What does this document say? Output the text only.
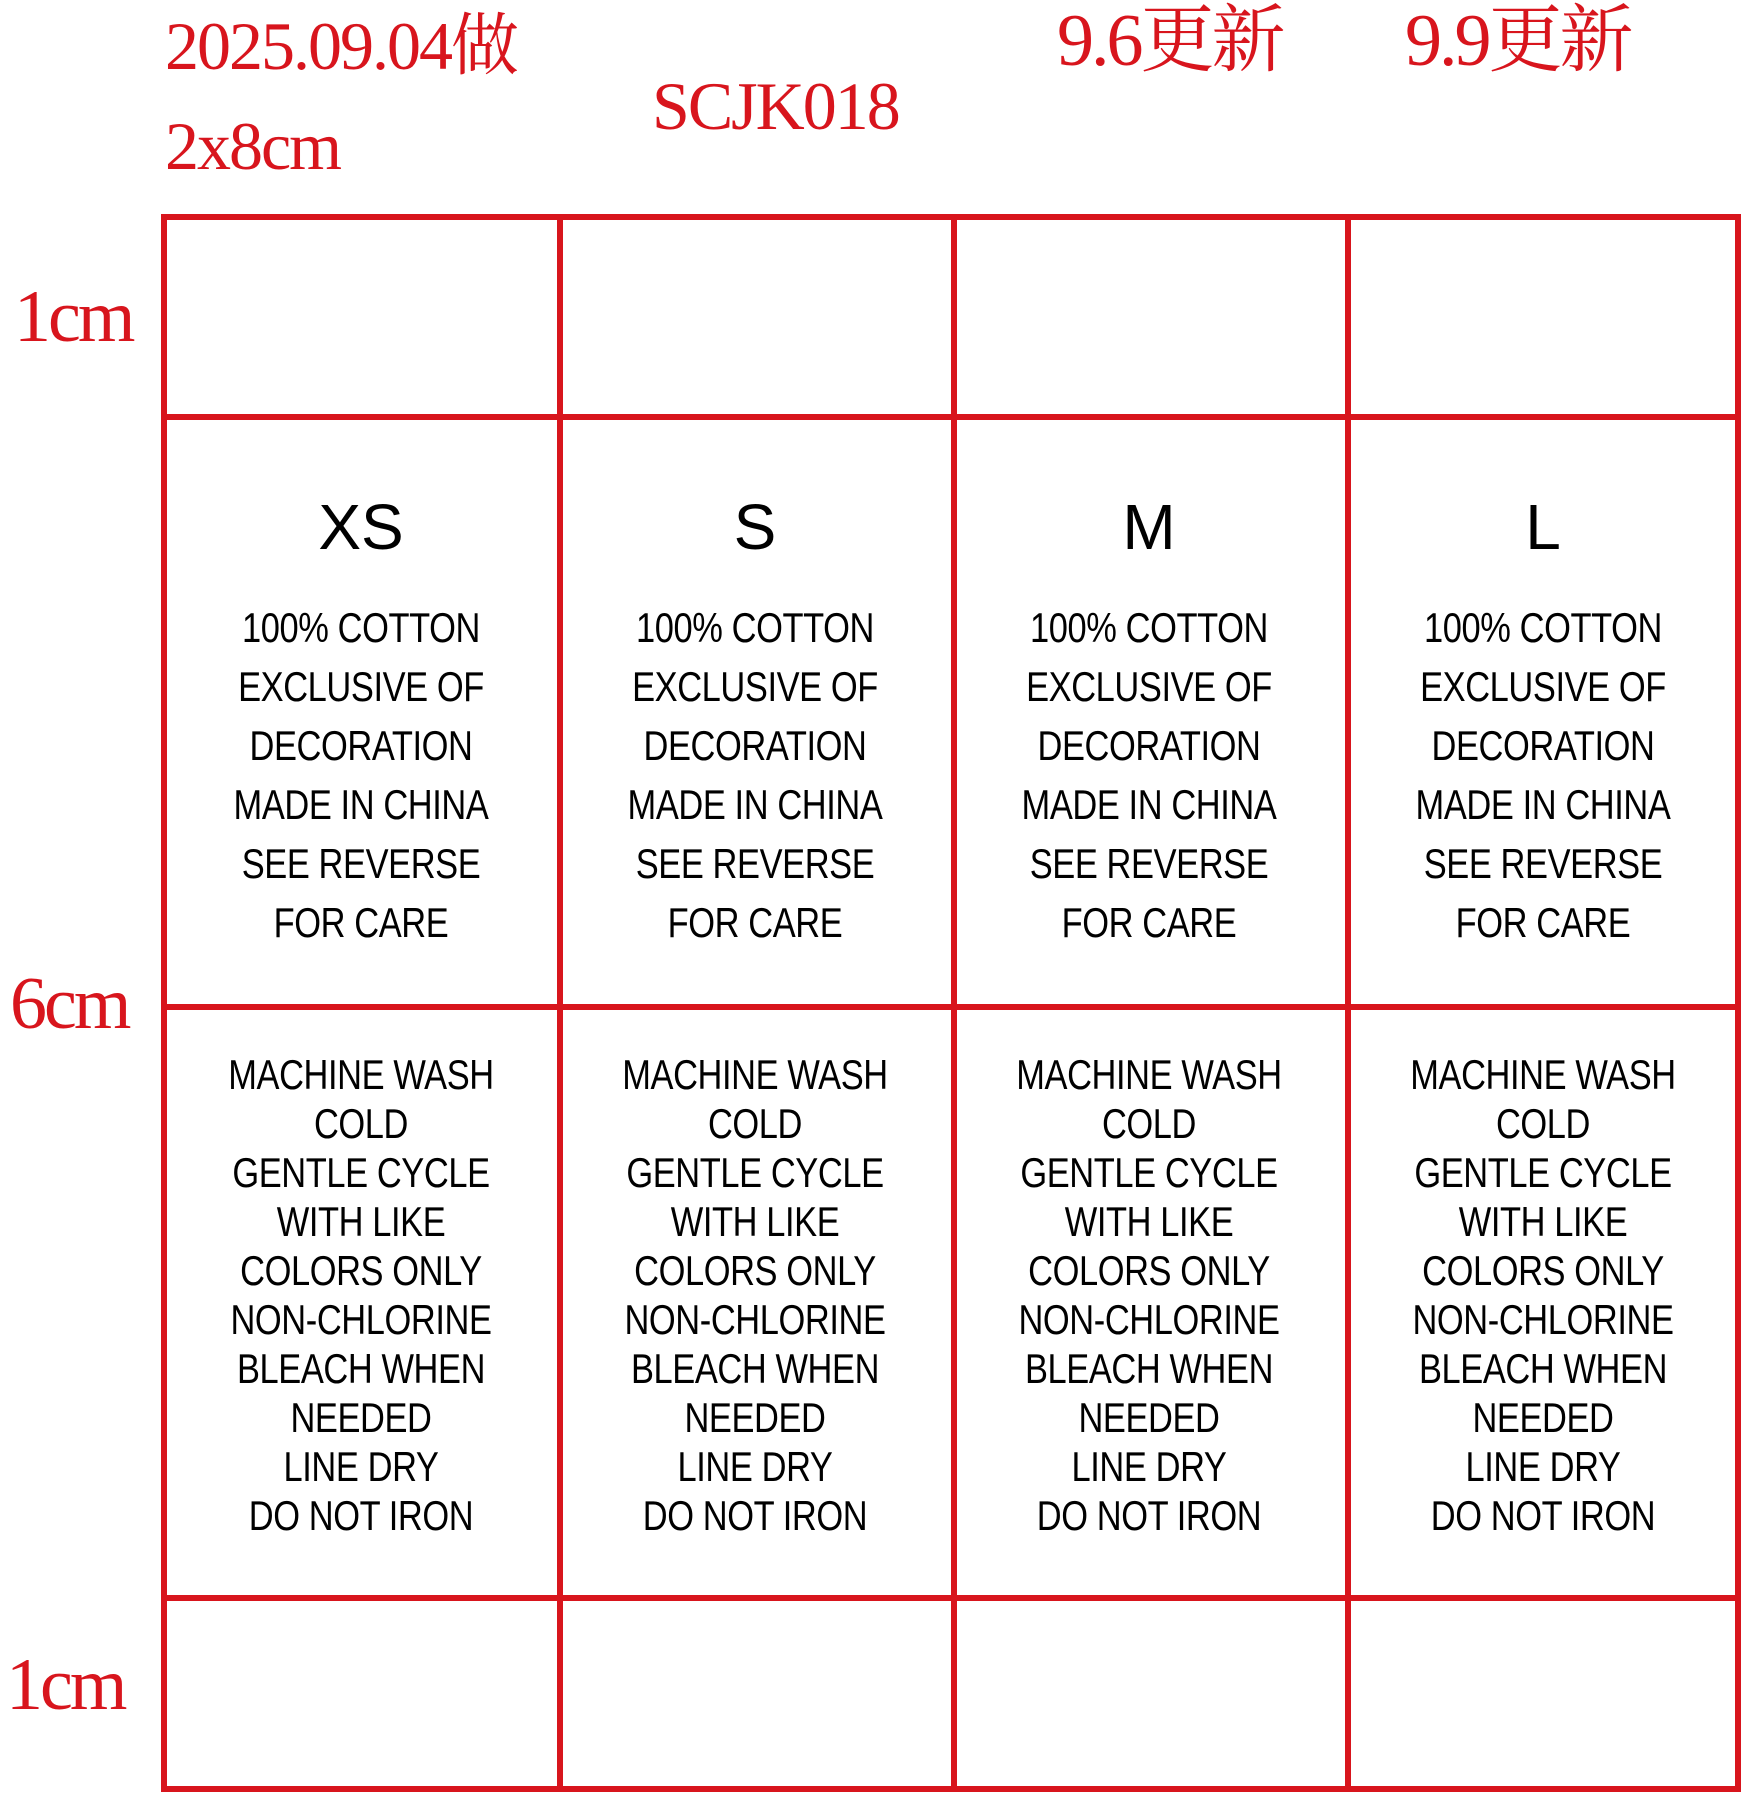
2025.09.04做
2x8cm
SCJK018
9.6更新 9.9更新
1cm
6cm
1cm
XS
100% COTTON
EXCLUSIVE OF
DECORATION
MADE IN CHINA
SEE REVERSE
FOR CARE
MACHINE WASH
COLD
GENTLE CYCLE
WITH LIKE
COLORS ONLY
NON-CHLORINE
BLEACH WHEN
NEEDED
LINE DRY
DO NOT IRON
S
100% COTTON
EXCLUSIVE OF
DECORATION
MADE IN CHINA
SEE REVERSE
FOR CARE
MACHINE WASH
COLD
GENTLE CYCLE
WITH LIKE
COLORS ONLY
NON-CHLORINE
BLEACH WHEN
NEEDED
LINE DRY
DO NOT IRON
M
100% COTTON
EXCLUSIVE OF
DECORATION
MADE IN CHINA
SEE REVERSE
FOR CARE
MACHINE WASH
COLD
GENTLE CYCLE
WITH LIKE
COLORS ONLY
NON-CHLORINE
BLEACH WHEN
NEEDED
LINE DRY
DO NOT IRON
L
100% COTTON
EXCLUSIVE OF
DECORATION
MADE IN CHINA
SEE REVERSE
FOR CARE
MACHINE WASH
COLD
GENTLE CYCLE
WITH LIKE
COLORS ONLY
NON-CHLORINE
BLEACH WHEN
NEEDED
LINE DRY
DO NOT IRON
